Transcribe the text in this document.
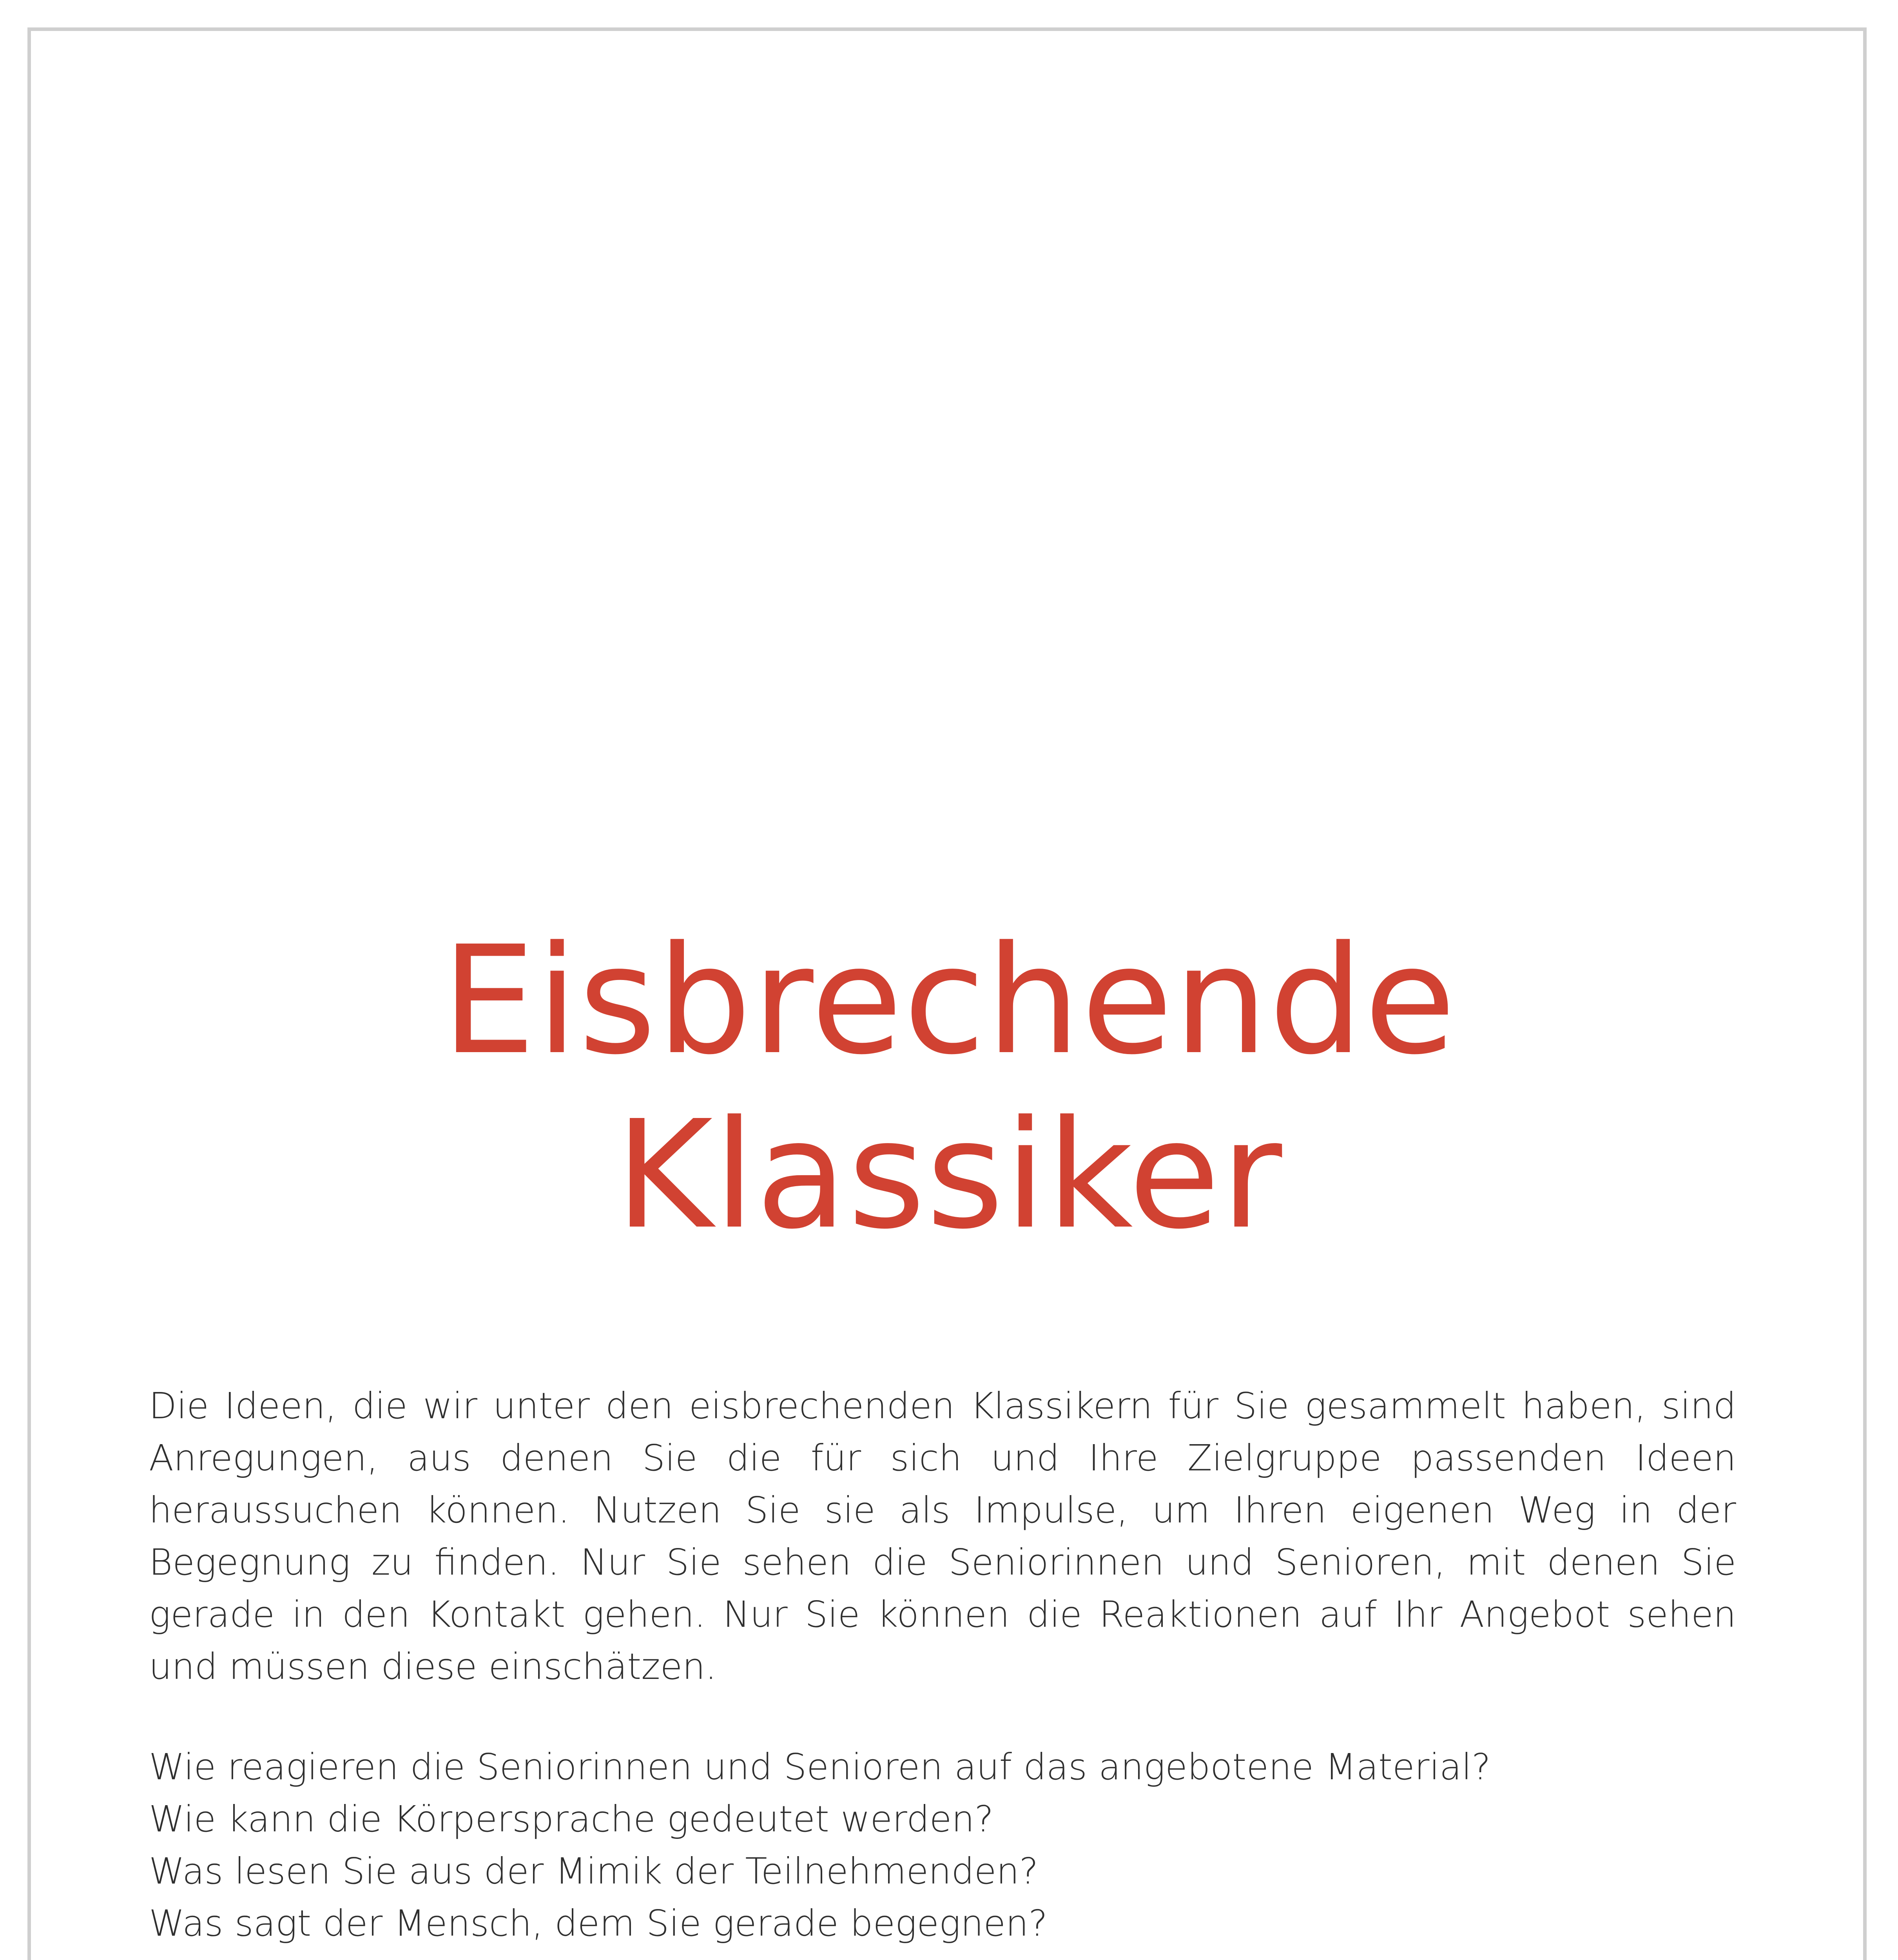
Eisbrechende
Klassiker

Die Ideen, die wir unter den eisbrechenden Klassikern für Sie gesammelt haben, sind Anregungen, aus denen Sie die für sich und Ihre Zielgruppe passenden Ideen heraussuchen können. Nutzen Sie sie als Impulse, um Ihren eigenen Weg in der Begegnung zu finden. Nur Sie sehen die Seniorinnen und Senioren, mit denen Sie gerade in den Kontakt gehen. Nur Sie können die Reaktionen auf Ihr Angebot sehen und müssen diese einschätzen.

Wie reagieren die Seniorinnen und Senioren auf das angebotene Material?
Wie kann die Körpersprache gedeutet werden?
Was lesen Sie aus der Mimik der Teilnehmenden?
Was sagt der Mensch, dem Sie gerade begegnen?
